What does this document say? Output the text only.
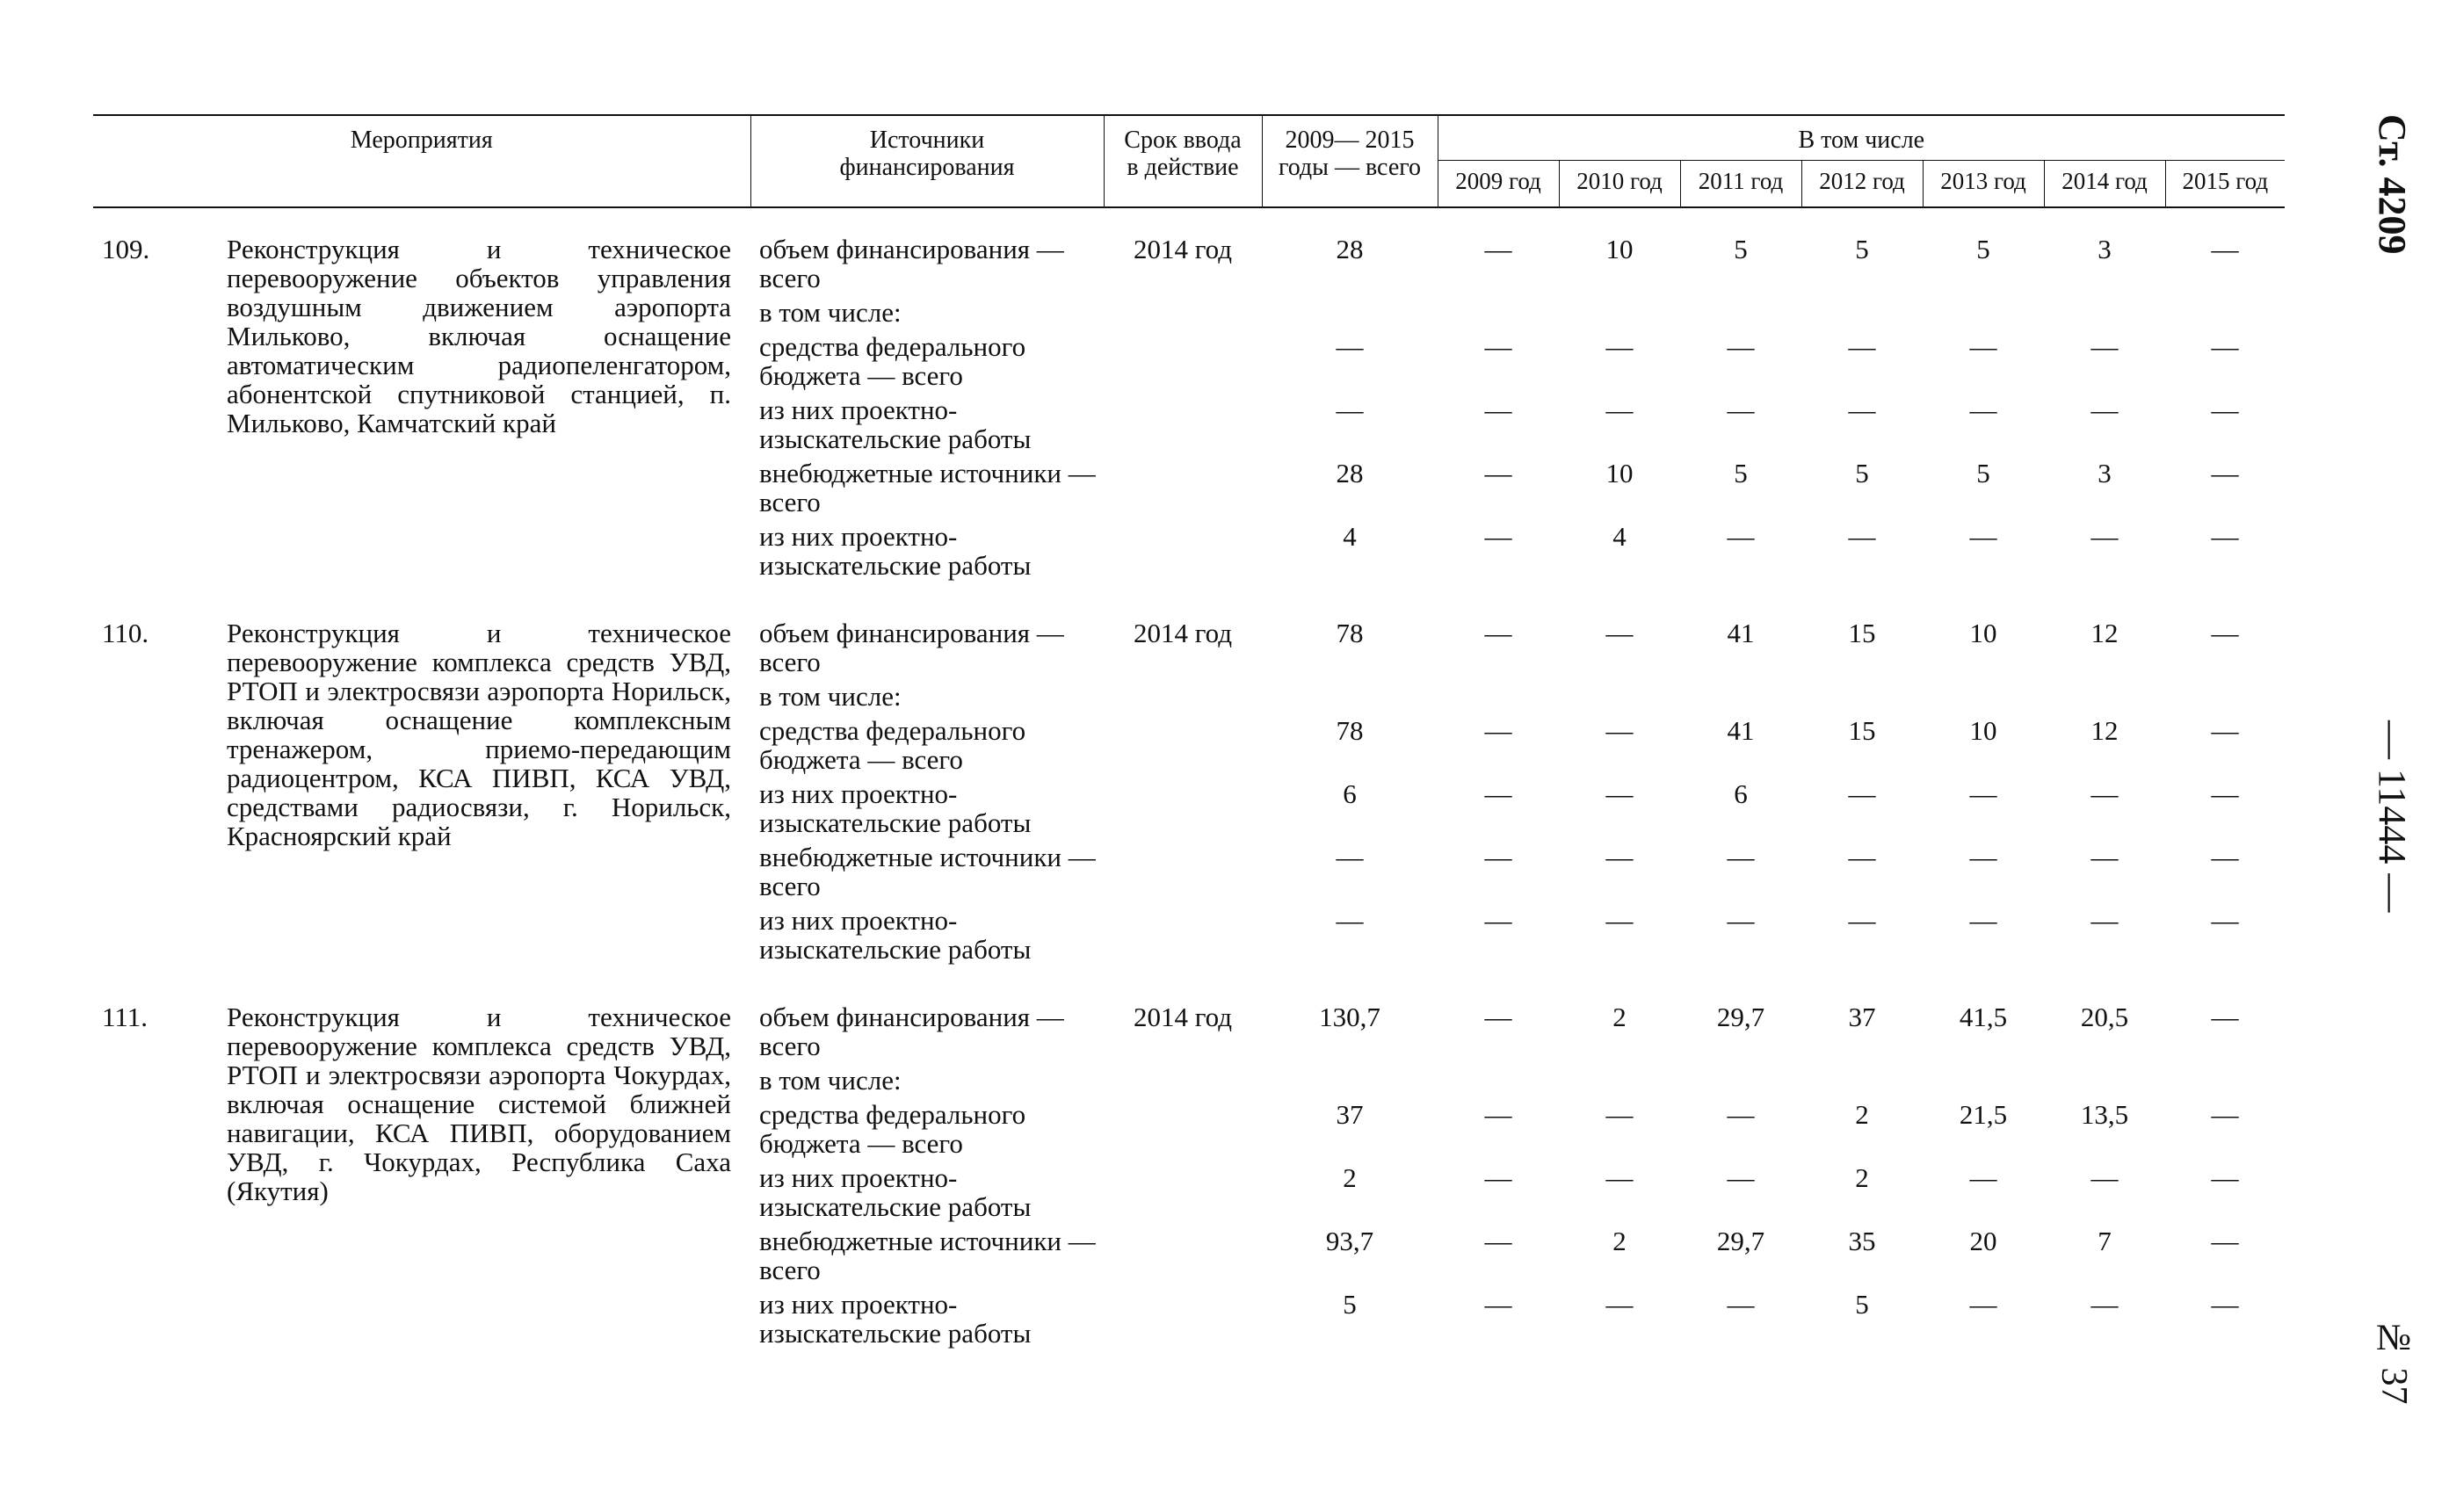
Ст. 4209
— 11444 —
№ 37
Мероприятия		Источники финансирования	Срок ввода в действие	2009— 2015 годы — всего	В том числе						
					2009 год	2010 год	2011 год	2012 год	2013 год	2014 год	2015 год
109.	Реконструкция и техническое перевооружение объектов управления воздушным движением аэропорта Мильково, включая оснащение автоматическим радиопеленгатором, абонентской спутниковой станцией, п. Мильково, Камчатский край	объем финансирования — всего	2014 год	28	—	10	5	5	5	3	—
		в том числе:									
		средства федерального бюджета — всего		—	—	—	—	—	—	—	—
		из них проектно-изыскательские работы		—	—	—	—	—	—	—	—
		внебюджетные источники — всего		28	—	10	5	5	5	3	—
		из них проектно-изыскательские работы		4	—	4	—	—	—	—	—
110.	Реконструкция и техническое перевооружение комплекса средств УВД, РТОП и электросвязи аэропорта Норильск, включая оснащение комплексным тренажером, приемо-передающим радиоцентром, КСА ПИВП, КСА УВД, средствами радиосвязи, г. Норильск, Красноярский край	объем финансирования — всего	2014 год	78	—	—	41	15	10	12	—
		в том числе:									
		средства федерального бюджета — всего		78	—	—	41	15	10	12	—
		из них проектно-изыскательские работы		6	—	—	6	—	—	—	—
		внебюджетные источники — всего		—	—	—	—	—	—	—	—
		из них проектно-изыскательские работы		—	—	—	—	—	—	—	—
111.	Реконструкция и техническое перевооружение комплекса средств УВД, РТОП и электросвязи аэропорта Чокурдах, включая оснащение системой ближней навигации, КСА ПИВП, оборудованием УВД, г. Чокурдах, Республика Саха (Якутия)	объем финансирования — всего	2014 год	130,7	—	2	29,7	37	41,5	20,5	—
		в том числе:									
		средства федерального бюджета — всего		37	—	—	—	2	21,5	13,5	—
		из них проектно-изыскательские работы		2	—	—	—	2	—	—	—
		внебюджетные источники — всего		93,7	—	2	29,7	35	20	7	—
		из них проектно-изыскательские работы		5	—	—	—	5	—	—	—
